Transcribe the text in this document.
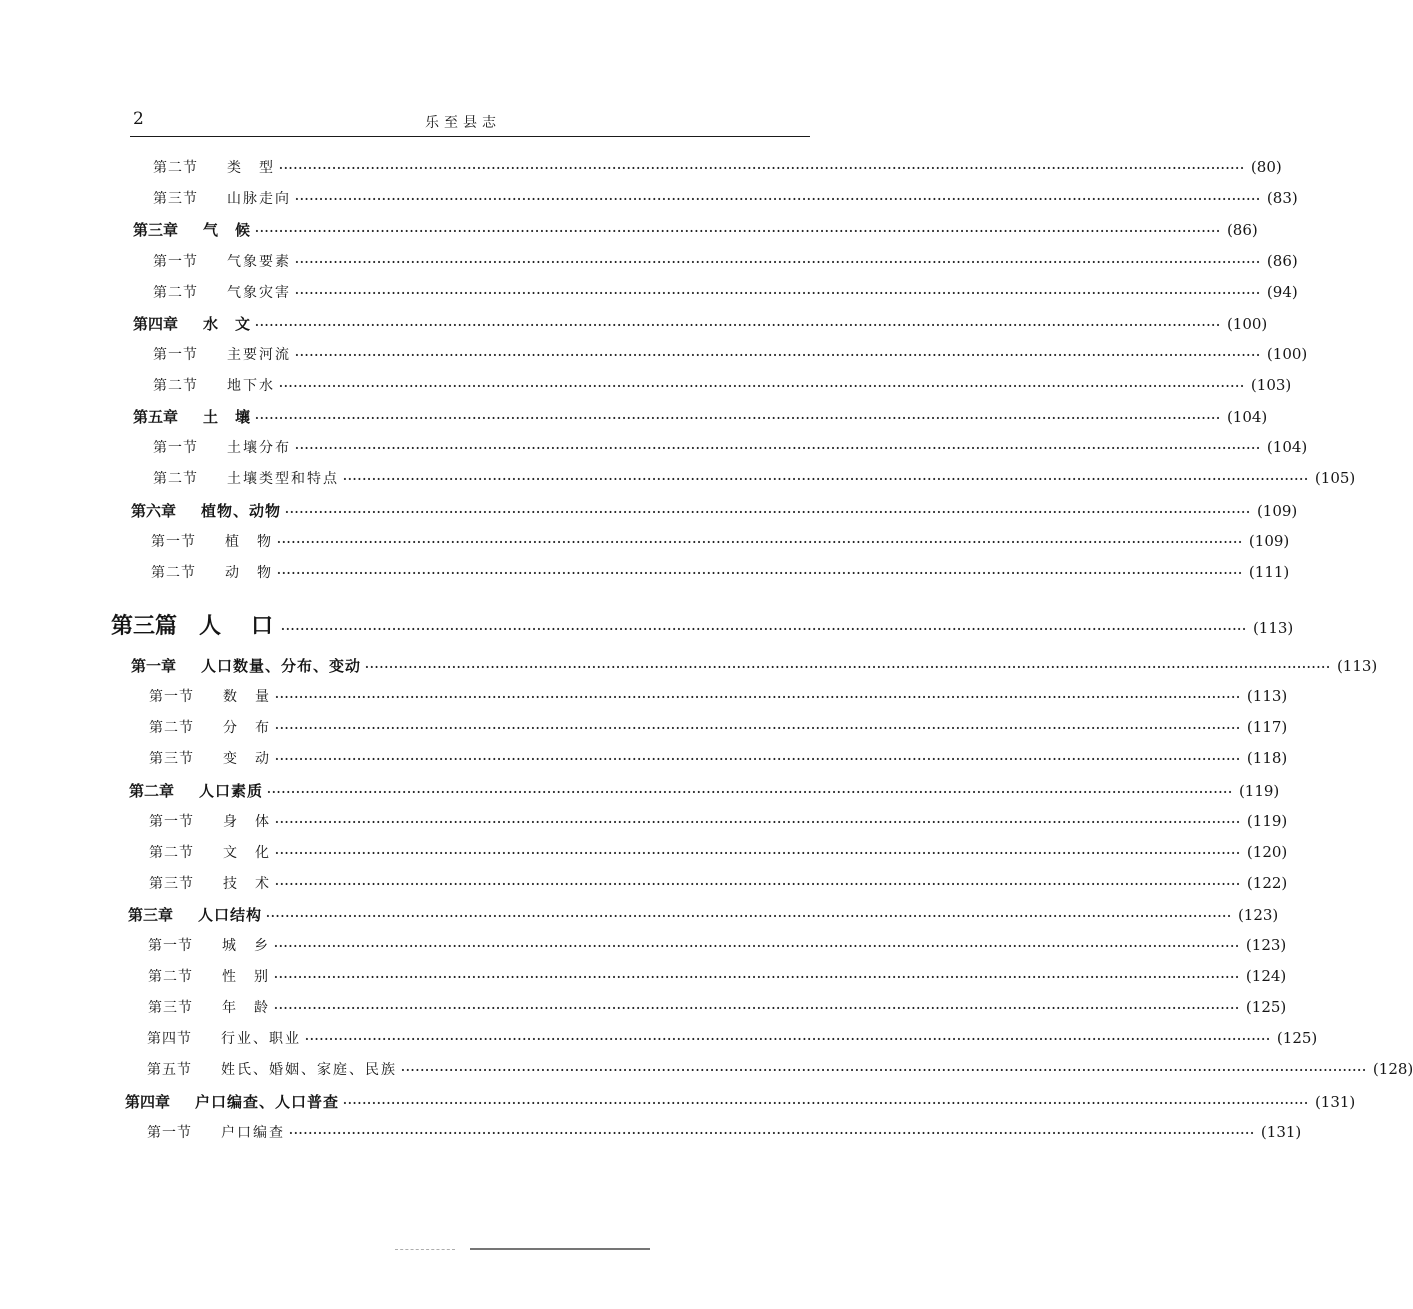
2	乐至县志
第二节	类　型 ········································································································································································································ (80)
第三节	山脉走向 ········································································································································································································ (83)
第三章	气　候 ········································································································································································································ (86)
第一节	气象要素 ········································································································································································································ (86)
第二节	气象灾害 ········································································································································································································ (94)
第四章	水　文 ········································································································································································································ (100)
第一节	主要河流 ········································································································································································································ (100)
第二节	地下水 ········································································································································································································ (103)
第五章	土　壤 ········································································································································································································ (104)
第一节	土壤分布 ········································································································································································································ (104)
第二节	土壤类型和特点 ········································································································································································································ (105)
第六章	植物、动物 ········································································································································································································ (109)
第一节	植　物 ········································································································································································································ (109)
第二节	动　物 ········································································································································································································ (111)
第三篇 人　口 ········································································································································································································ (113)
第一章	人口数量、分布、变动 ········································································································································································································ (113)
第一节	数　量 ········································································································································································································ (113)
第二节	分　布 ········································································································································································································ (117)
第三节	变　动 ········································································································································································································ (118)
第二章	人口素质 ········································································································································································································ (119)
第一节	身　体 ········································································································································································································ (119)
第二节	文　化 ········································································································································································································ (120)
第三节	技　术 ········································································································································································································ (122)
第三章	人口结构 ········································································································································································································ (123)
第一节	城　乡 ········································································································································································································ (123)
第二节	性　别 ········································································································································································································ (124)
第三节	年　龄 ········································································································································································································ (125)
第四节	行业、职业 ········································································································································································································ (125)
第五节	姓氏、婚姻、家庭、民族 ········································································································································································································ (128)
第四章	户口编查、人口普查 ········································································································································································································ (131)
第一节	户口编查 ········································································································································································································ (131)
